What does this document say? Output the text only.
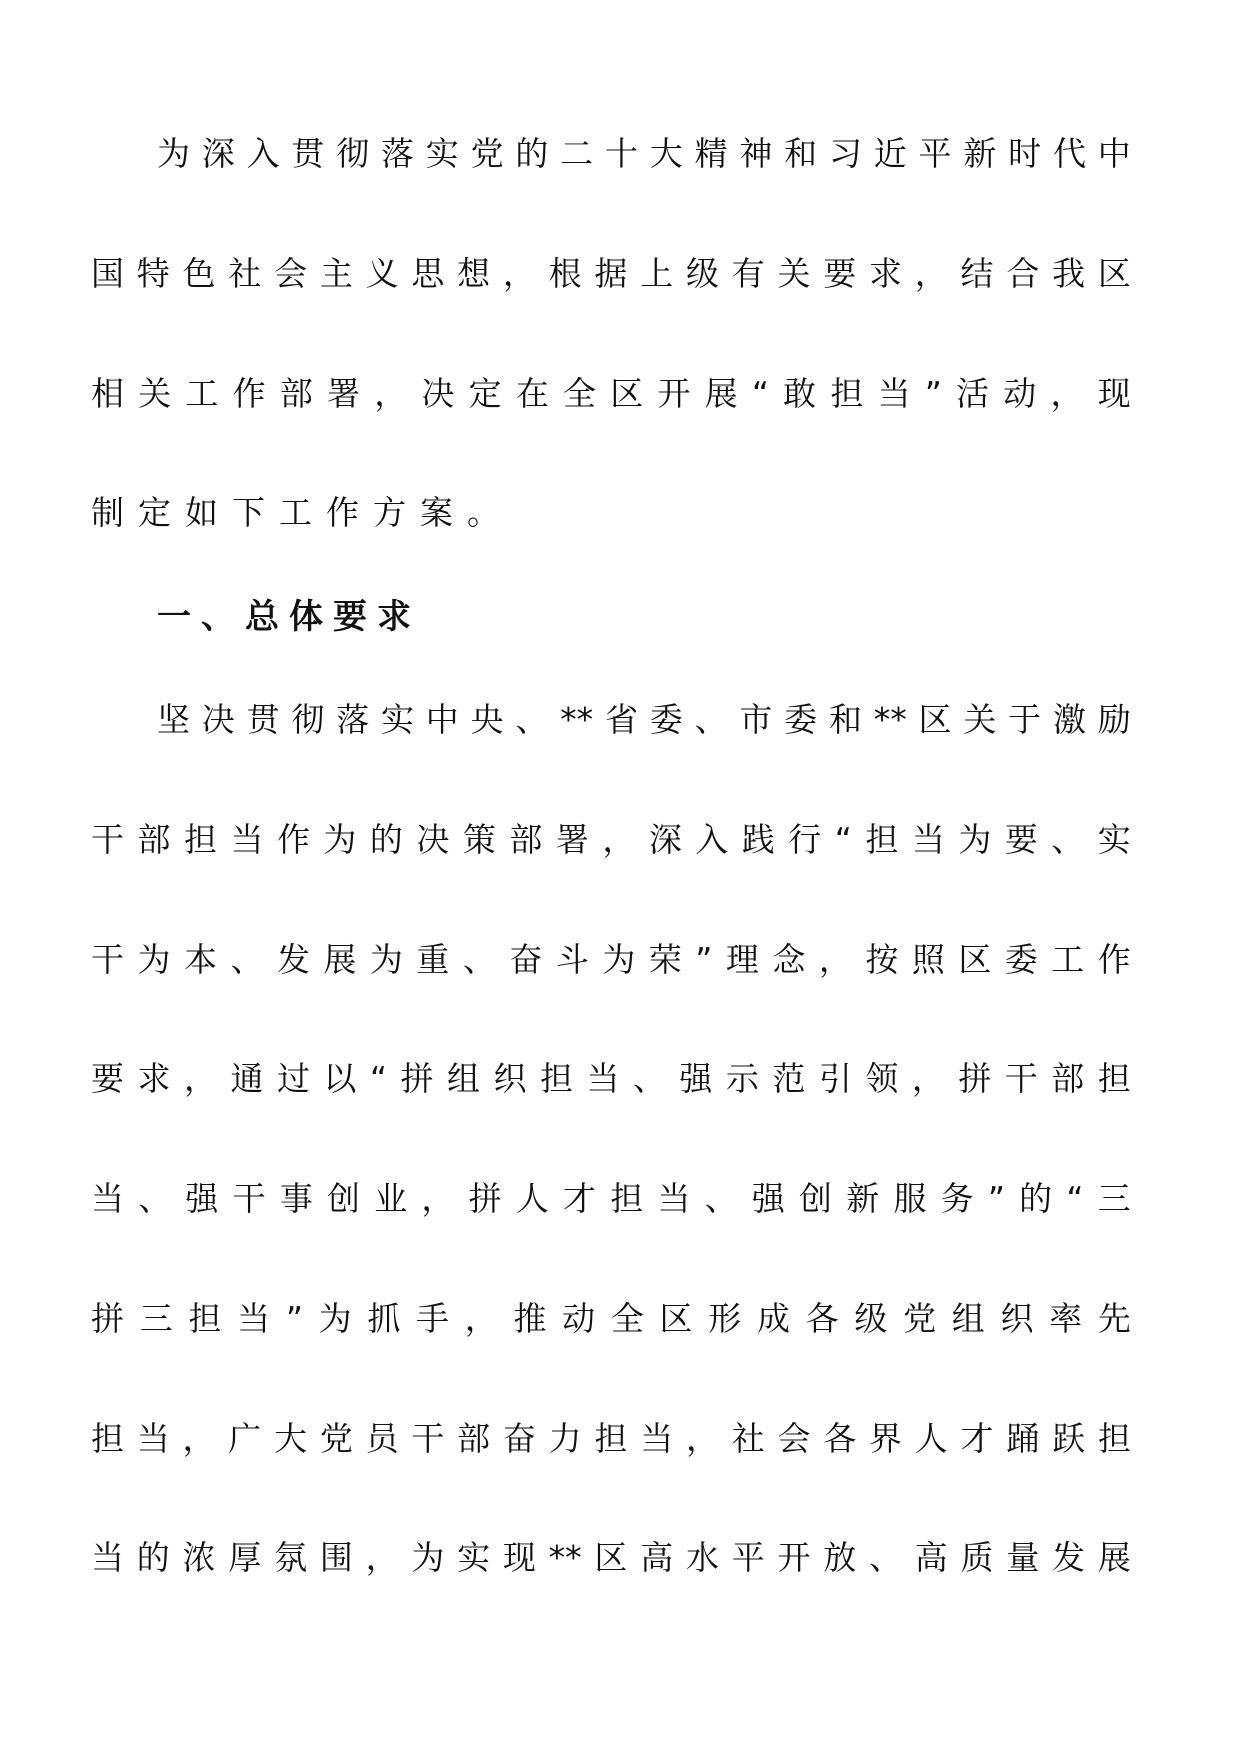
为 深 入 贯 彻 落 实 党 的 二 十 大 精 神 和 习 近 平 新 时 代 中
国 特 色 社 会 主 义 思 想 ， 根 据 上 级 有 关 要 求 ， 结 合 我 区
相 关 工 作 部 署 ， 决 定 在 全 区 开 展 “ 敢 担 当 ” 活 动 ， 现
制 定 如 下 工 作 方 案 。
一 、 总 体 要 求
坚 决 贯 彻 落 实 中 央 、 ** 省 委 、 市 委 和 ** 区 关 于 激 励
干 部 担 当 作 为 的 决 策 部 署 ， 深 入 践 行 “ 担 当 为 要 、 实
干 为 本 、 发 展 为 重 、 奋 斗 为 荣 ” 理 念 ， 按 照 区 委 工 作
要 求 ， 通 过 以 “ 拼 组 织 担 当 、 强 示 范 引 领 ， 拼 干 部 担
当 、 强 干 事 创 业 ， 拼 人 才 担 当 、 强 创 新 服 务 ” 的 “ 三
拼 三 担 当 ” 为 抓 手 ， 推 动 全 区 形 成 各 级 党 组 织 率 先
担 当 ， 广 大 党 员 干 部 奋 力 担 当 ， 社 会 各 界 人 才 踊 跃 担
当 的 浓 厚 氛 围 ， 为 实 现 ** 区 高 水 平 开 放 、 高 质 量 发 展
